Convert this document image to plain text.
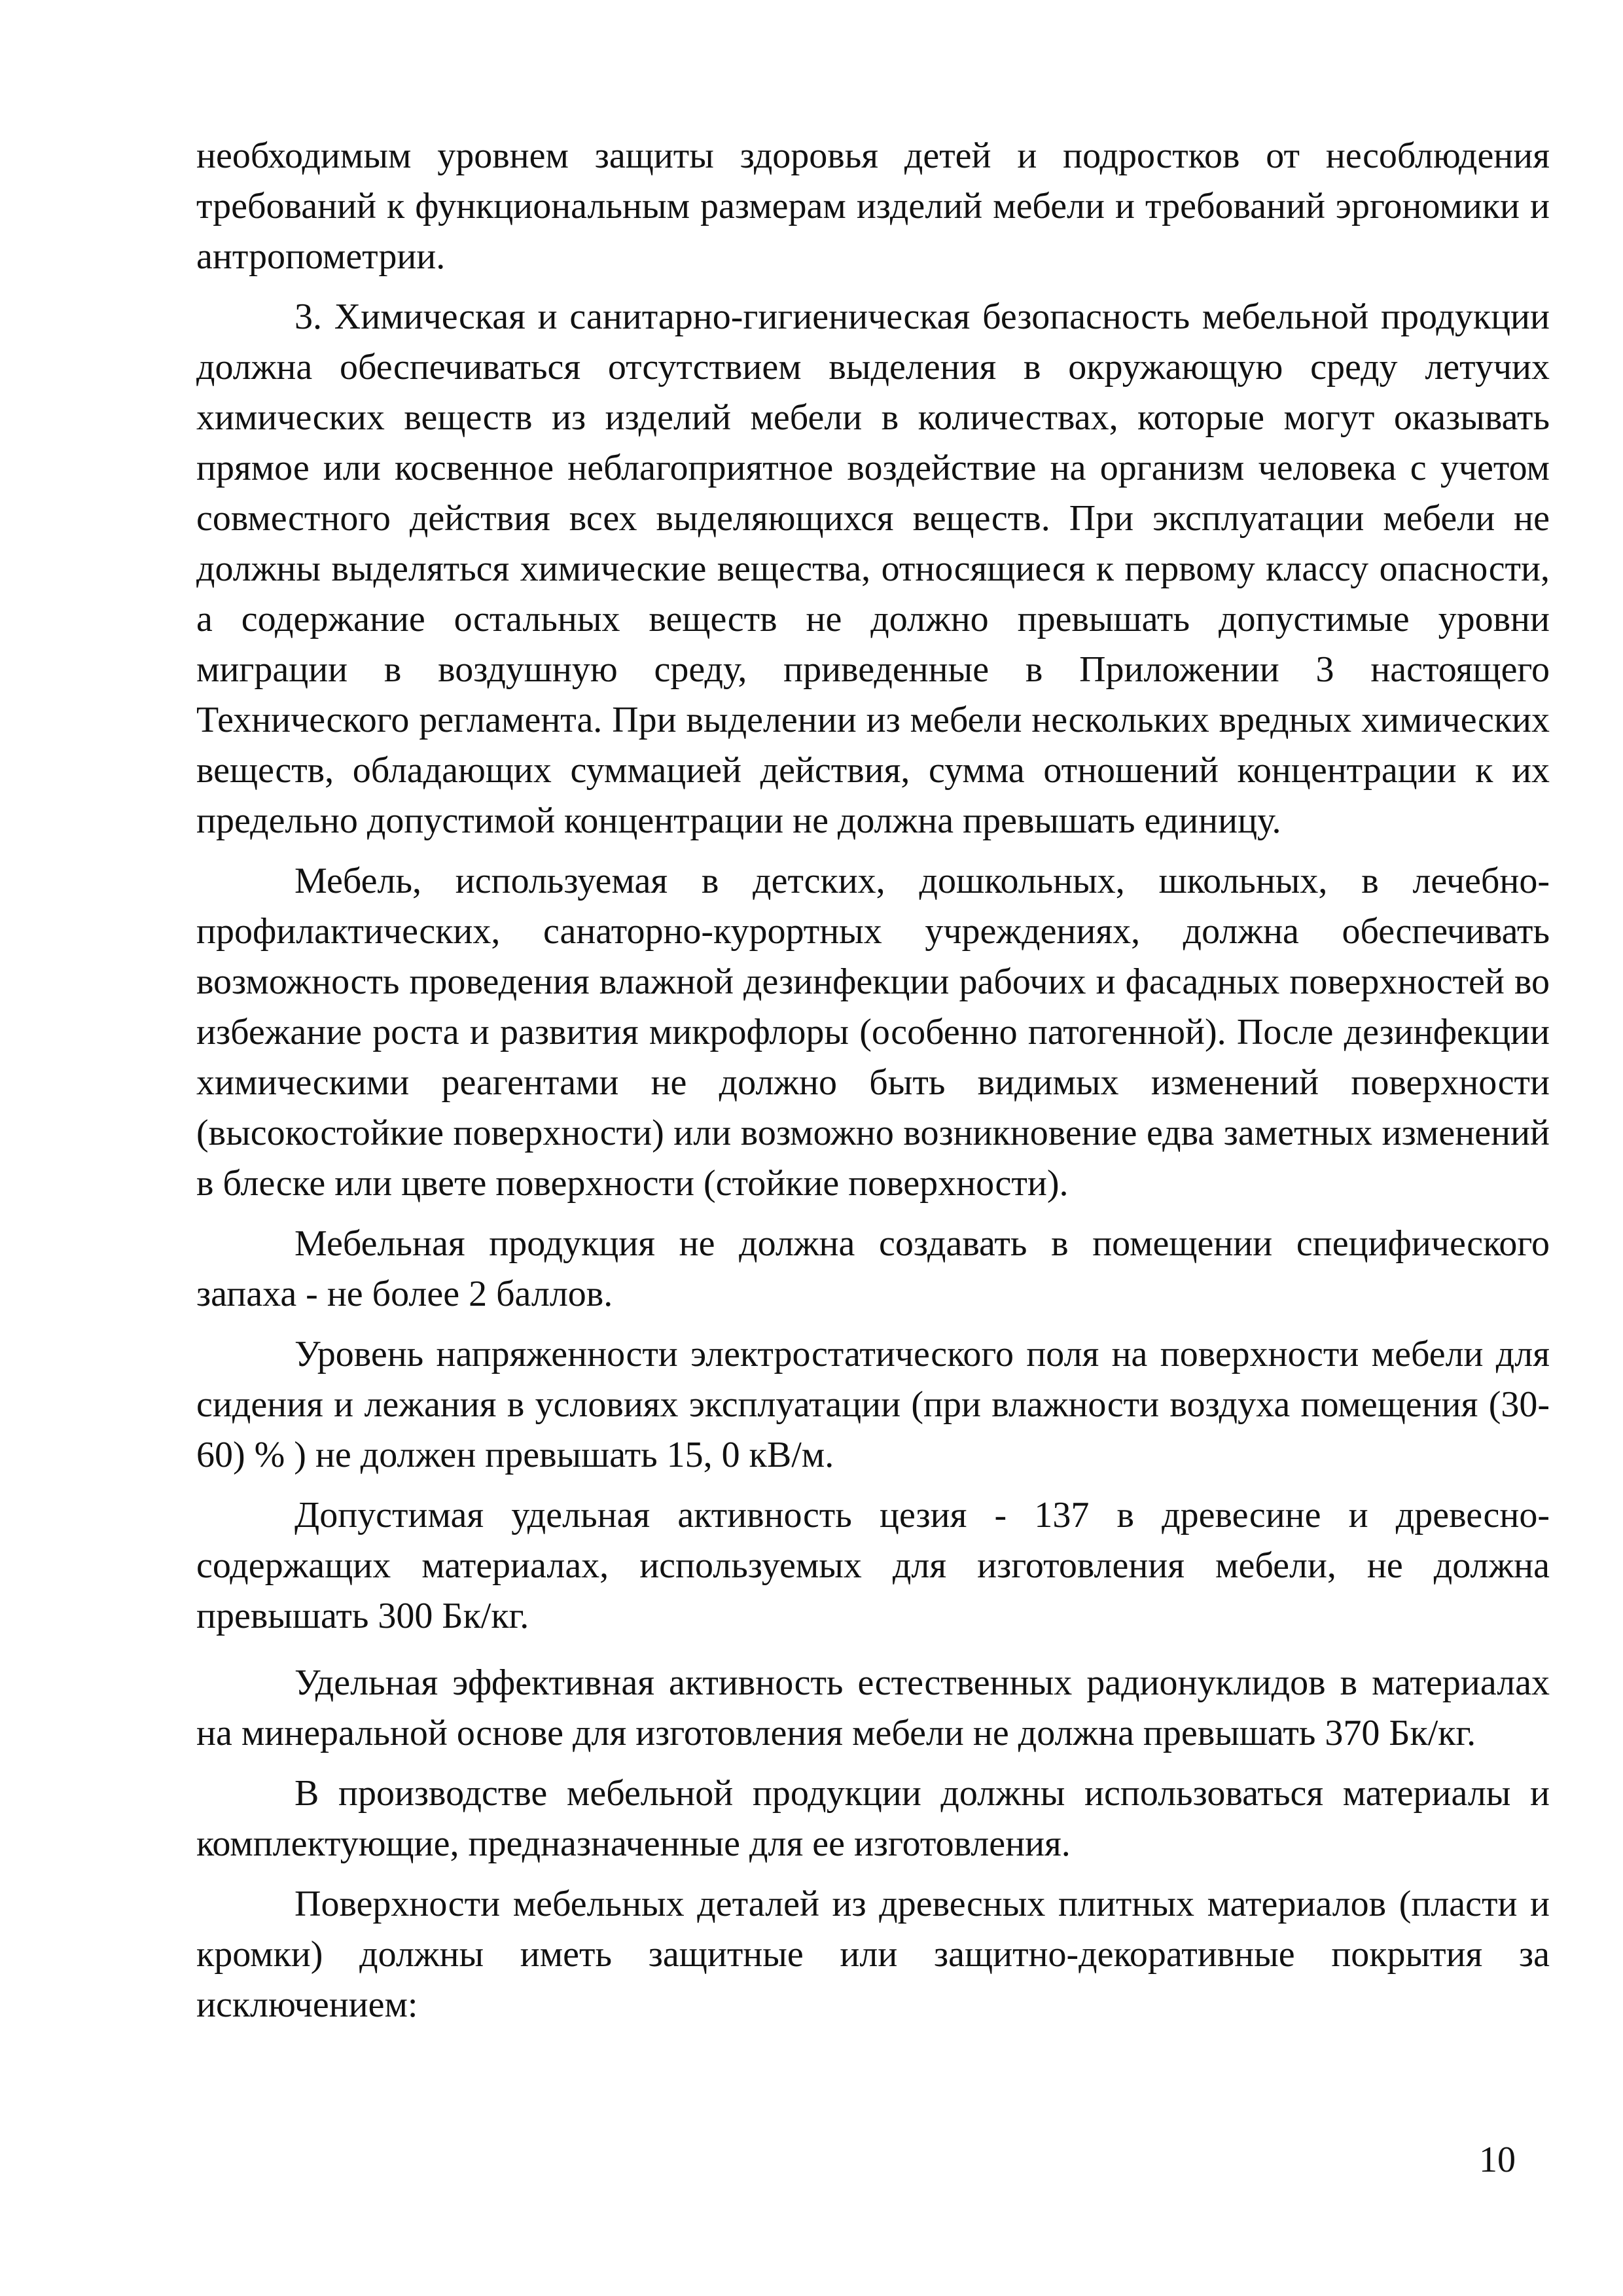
необходимым уровнем защиты здоровья детей и подростков от несоблюдения требований к функциональным размерам изделий мебели и требований эргономики и антропометрии.

3. Химическая и санитарно-гигиеническая безопасность мебельной продукции должна обеспечиваться отсутствием выделения в окружающую среду летучих химических веществ из изделий мебели в количествах, которые могут оказывать прямое или косвенное неблагоприятное воздействие на организм человека с учетом совместного действия всех выделяющихся веществ. При эксплуатации мебели не должны выделяться химические вещества, относящиеся к первому классу опасности, а содержание остальных веществ не должно превышать допустимые уровни миграции в воздушную среду, приведенные в Приложении 3 настоящего Технического регламента. При выделении из мебели нескольких вредных химических веществ, обладающих суммацией действия, сумма отношений концентрации к их предельно допустимой концентрации не должна превышать единицу.

Мебель, используемая в детских, дошкольных, школьных, в лечебно-профилактических, санаторно-курортных учреждениях, должна обеспечивать возможность проведения влажной дезинфекции рабочих и фасадных поверхностей во избежание роста и развития микрофлоры (особенно патогенной). После дезинфекции химическими реагентами не должно быть видимых изменений поверхности (высокостойкие поверхности) или возможно возникновение едва заметных изменений в блеске или цвете поверхности (стойкие поверхности).

Мебельная продукция не должна создавать в помещении специфического запаха - не более 2 баллов.

Уровень напряженности электростатического поля на поверхности мебели для сидения и лежания в условиях эксплуатации (при влажности воздуха помещения (30-60) % ) не должен превышать 15, 0 кВ/м.

Допустимая удельная активность цезия - 137 в древесине и древесно-содержащих материалах, используемых для изготовления мебели, не должна превышать 300 Бк/кг.

Удельная эффективная активность естественных радионуклидов в материалах на минеральной основе для изготовления мебели не должна превышать 370 Бк/кг.

В производстве мебельной продукции должны использоваться материалы и комплектующие, предназначенные для ее изготовления.

Поверхности мебельных деталей из древесных плитных материалов (пласти и кромки) должны иметь защитные или защитно-декоративные покрытия за исключением:

10
